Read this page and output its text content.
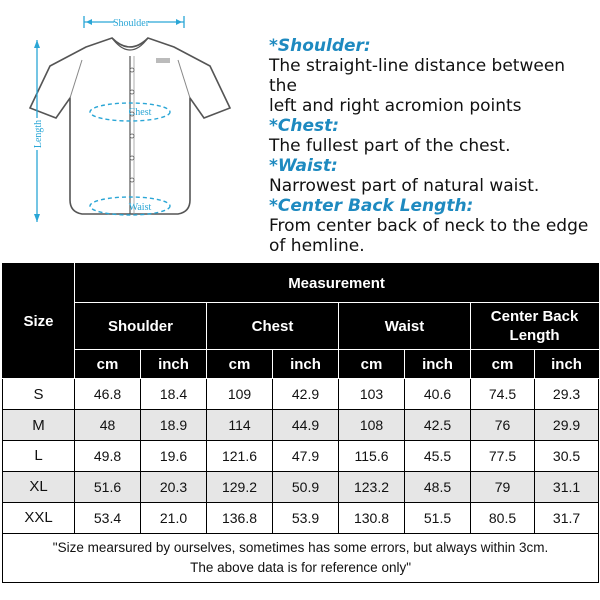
Shoulder
Length
Chest
Waist
*Shoulder:
The straight-line distance between the
left and right acromion points
*Chest:
The fullest part of the chest.
*Waist:
Narrowest part of natural waist.
*Center Back Length:
From center back of neck to the edge
of hemline.
Size	Measurement							
	Shoulder		Chest		Waist		Center Back Length	
	cm	inch	cm	inch	cm	inch	cm	inch
S	46.8	18.4	109	42.9	103	40.6	74.5	29.3
M	48	18.9	114	44.9	108	42.5	76	29.9
L	49.8	19.6	121.6	47.9	115.6	45.5	77.5	30.5
XL	51.6	20.3	129.2	50.9	123.2	48.5	79	31.1
XXL	53.4	21.0	136.8	53.9	130.8	51.5	80.5	31.7

"Size mearsured by ourselves, sometimes has some errors, but always within 3cm.
The above data is for reference only"								
